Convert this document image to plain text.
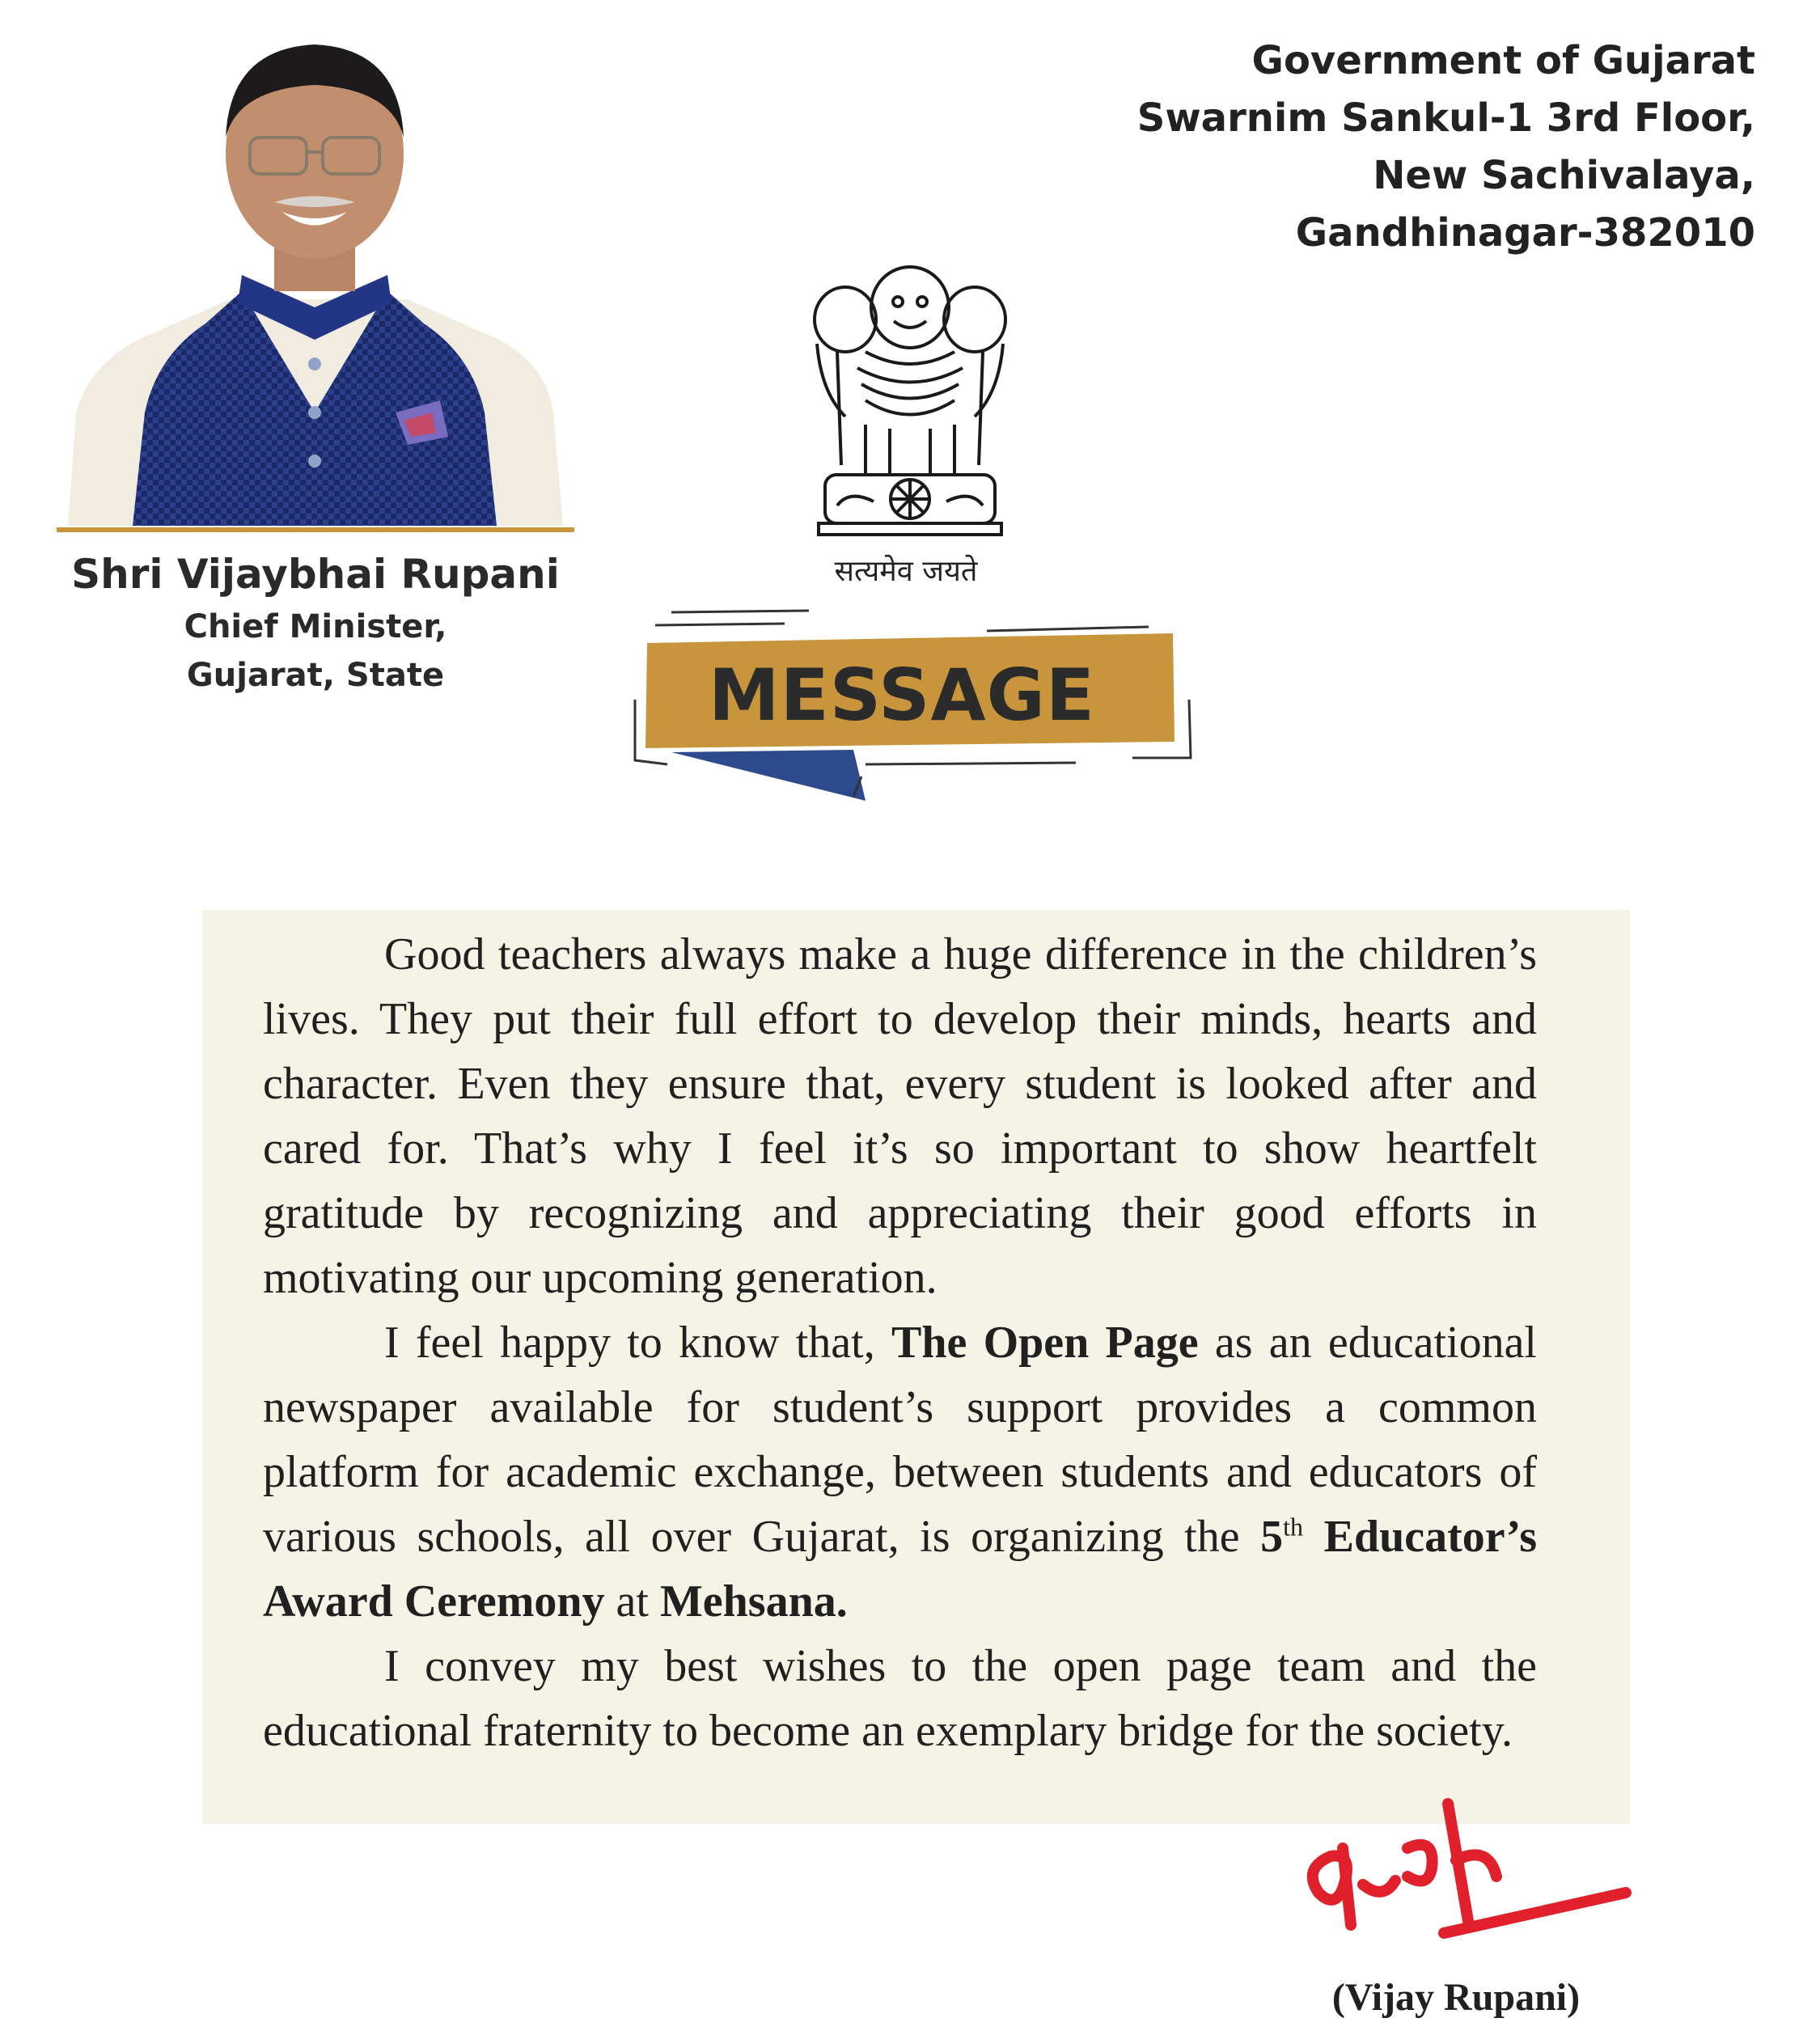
Government of Gujarat
Swarnim Sankul-1 3rd Floor,
New Sachivalaya,
Gandhinagar-382010
Shri Vijaybhai Rupani
Chief Minister,
Gujarat, State
सत्यमेव जयते
MESSAGE

Good teachers always make a huge difference in the children’s lives. They put their full effort to develop their minds, hearts and character. Even they ensure that, every student is looked after and cared for. That’s why I feel it’s so important to show heartfelt gratitude by recognizing and appreciating their good efforts in motivating our upcoming generation.

I feel happy to know that, The Open Page as an educational newspaper available for student’s support provides a common platform for academic exchange, between students and educators of various schools, all over Gujarat, is organizing the 5th Educator’s Award Ceremony at Mehsana.

I convey my best wishes to the open page team and the educational fraternity to become an exemplary bridge for the society.

(Vijay Rupani)
